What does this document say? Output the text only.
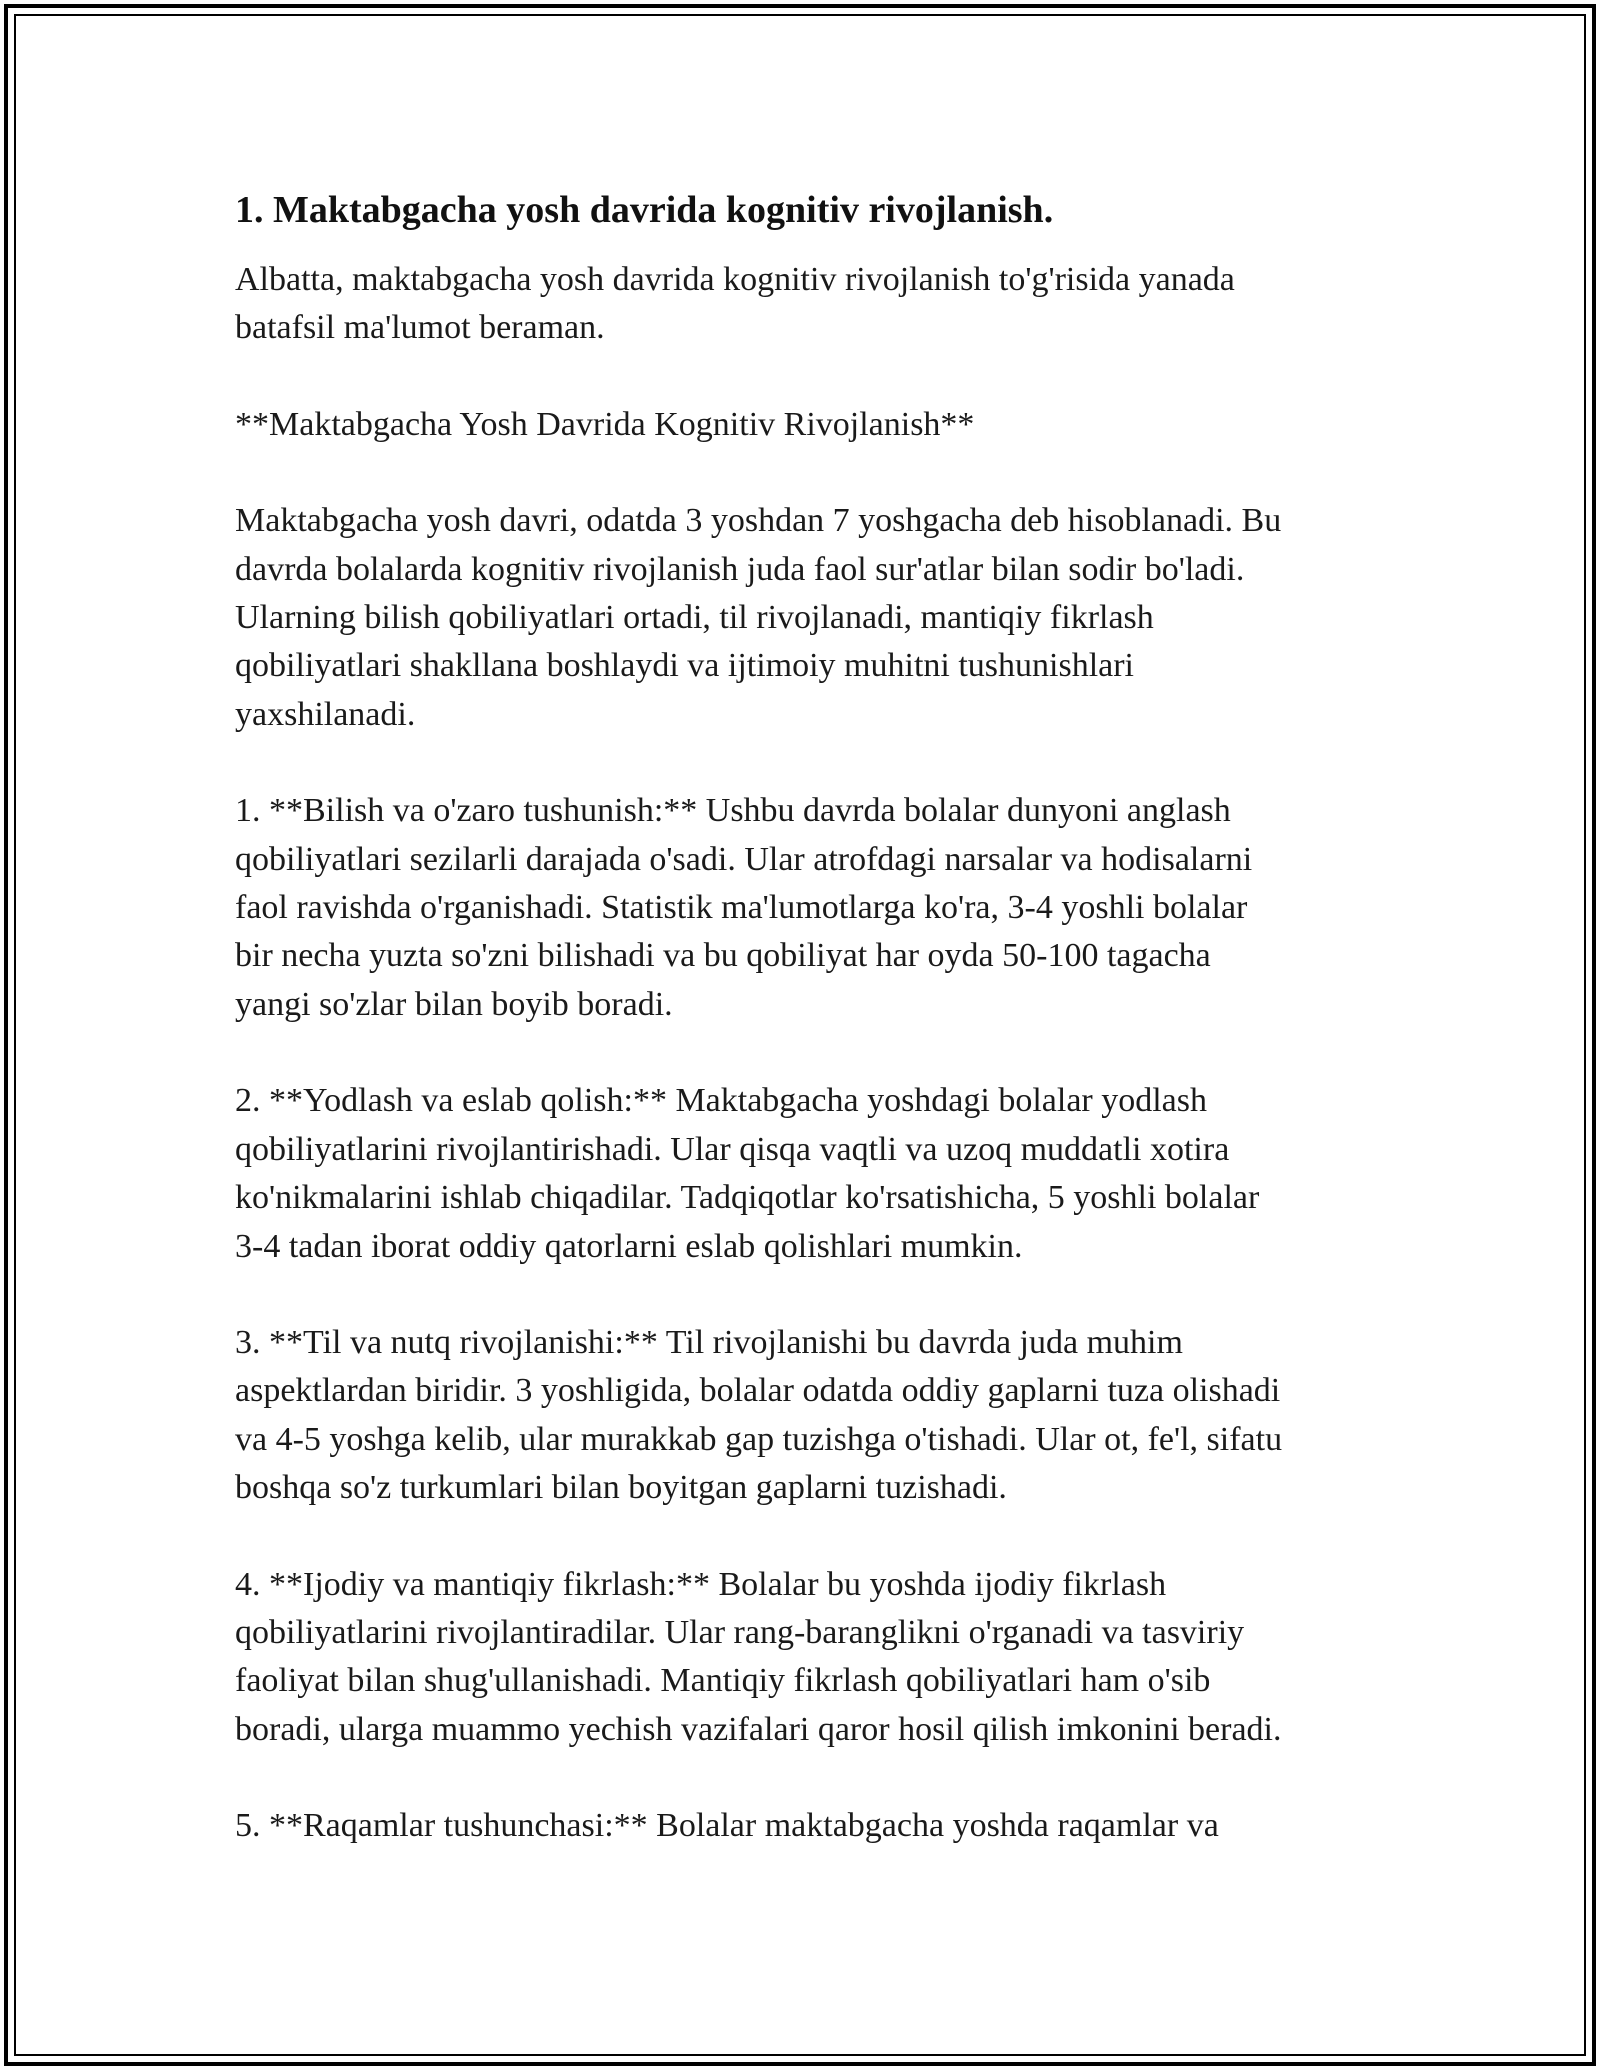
1. Maktabgacha yosh davrida kognitiv rivojlanish.

Albatta, maktabgacha yosh davrida kognitiv rivojlanish to'g'risida yanada
batafsil ma'lumot beraman.

**Maktabgacha Yosh Davrida Kognitiv Rivojlanish**

Maktabgacha yosh davri, odatda 3 yoshdan 7 yoshgacha deb hisoblanadi. Bu
davrda bolalarda kognitiv rivojlanish juda faol sur'atlar bilan sodir bo'ladi.
Ularning bilish qobiliyatlari ortadi, til rivojlanadi, mantiqiy fikrlash
qobiliyatlari shakllana boshlaydi va ijtimoiy muhitni tushunishlari
yaxshilanadi.

1. **Bilish va o'zaro tushunish:** Ushbu davrda bolalar dunyoni anglash
qobiliyatlari sezilarli darajada o'sadi. Ular atrofdagi narsalar va hodisalarni
faol ravishda o'rganishadi. Statistik ma'lumotlarga ko'ra, 3-4 yoshli bolalar
bir necha yuzta so'zni bilishadi va bu qobiliyat har oyda 50-100 tagacha
yangi so'zlar bilan boyib boradi.

2. **Yodlash va eslab qolish:** Maktabgacha yoshdagi bolalar yodlash
qobiliyatlarini rivojlantirishadi. Ular qisqa vaqtli va uzoq muddatli xotira
ko'nikmalarini ishlab chiqadilar. Tadqiqotlar ko'rsatishicha, 5 yoshli bolalar
3-4 tadan iborat oddiy qatorlarni eslab qolishlari mumkin.

3. **Til va nutq rivojlanishi:** Til rivojlanishi bu davrda juda muhim
aspektlardan biridir. 3 yoshligida, bolalar odatda oddiy gaplarni tuza olishadi
va 4-5 yoshga kelib, ular murakkab gap tuzishga o'tishadi. Ular ot, fe'l, sifatu
boshqa so'z turkumlari bilan boyitgan gaplarni tuzishadi.

4. **Ijodiy va mantiqiy fikrlash:** Bolalar bu yoshda ijodiy fikrlash
qobiliyatlarini rivojlantiradilar. Ular rang-baranglikni o'rganadi va tasviriy
faoliyat bilan shug'ullanishadi. Mantiqiy fikrlash qobiliyatlari ham o'sib
boradi, ularga muammo yechish vazifalari qaror hosil qilish imkonini beradi.

5. **Raqamlar tushunchasi:** Bolalar maktabgacha yoshda raqamlar va
